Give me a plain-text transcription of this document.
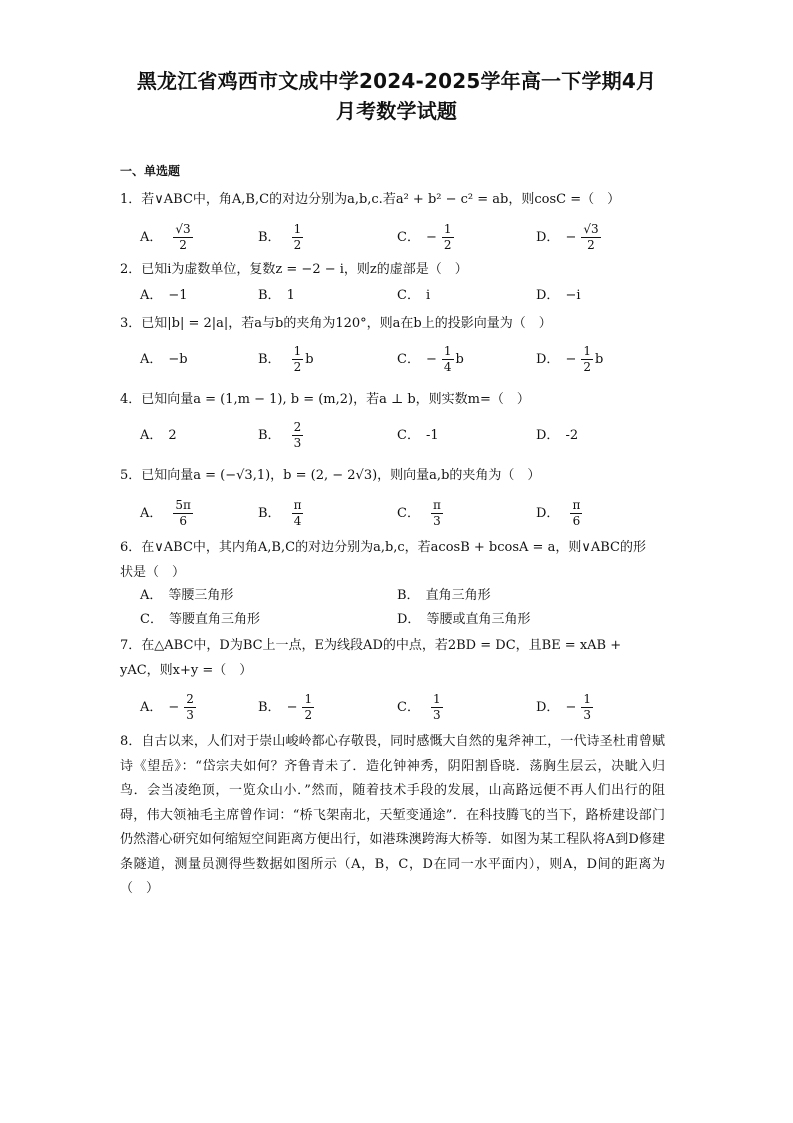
黑龙江省鸡西市文成中学2024-2025学年高一下学期4月
月考数学试题
一、单选题
1．若∨ABC中，角A,B,C的对边分别为a,b,c.若a² + b² − c² = ab，则cosC =（　）
A． $\frac{√3}{2}$	B． $\frac{1}{2}$	C． − $\frac{1}{2}$	D． − $\frac{√3}{2}$
2．已知i为虚数单位，复数z = −2 − i，则z的虚部是（　）
A． −1	B． 1	C． i	D． −i
3．已知|b| = 2|a|，若a与b的夹角为120°，则a在b上的投影向量为（　）
A． −b	B． $\frac{1}{2}$ b	C． − $\frac{1}{4}$ b	D． − $\frac{1}{2}$ b
4．已知向量a = (1,m − 1), b = (m,2)，若a ⊥ b，则实数m=（　）
A． 2	B． $\frac{2}{3}$	C． -1	D． -2
5．已知向量a = (−√3,1)，b = (2, − 2√3)，则向量a,b的夹角为（　）
A． $\frac{5\pi}{6}$	B． $\frac{\pi}{4}$	C． $\frac{\pi}{3}$	D． $\frac{\pi}{6}$
6．在∨ABC中，其内角A,B,C的对边分别为a,b,c，若acosB + bcosA = a，则∨ABC的形
状是（　）
A． 等腰三角形	B． 直角三角形
C． 等腰直角三角形	D． 等腰或直角三角形
7．在△ABC中，D为BC上一点，E为线段AD的中点，若2BD = DC，且BE = xAB +
yAC，则x+y =（　）
A． − $\frac{2}{3}$	B． − $\frac{1}{2}$	C． $\frac{1}{3}$	D． − $\frac{1}{3}$
8．自古以来，人们对于崇山峻岭都心存敬畏，同时感慨大自然的鬼斧神工，一代诗圣杜甫曾赋诗《望岳》：“岱宗夫如何？齐鲁青未了．造化钟神秀，阴阳割昏晓．荡胸生层云，决眦入归鸟．会当凌绝顶，一览众山小．”然而，随着技术手段的发展，山高路远便不再人们出行的阻碍，伟大领袖毛主席曾作词：“桥飞架南北，天堑变通途”．在科技腾飞的当下，路桥建设部门仍然潜心研究如何缩短空间距离方便出行，如港珠澳跨海大桥等．如图为某工程队将A到D修建条隧道，测量员测得些数据如图所示（A，B，C，D在同一水平面内），则A，D间的距离为（　）
